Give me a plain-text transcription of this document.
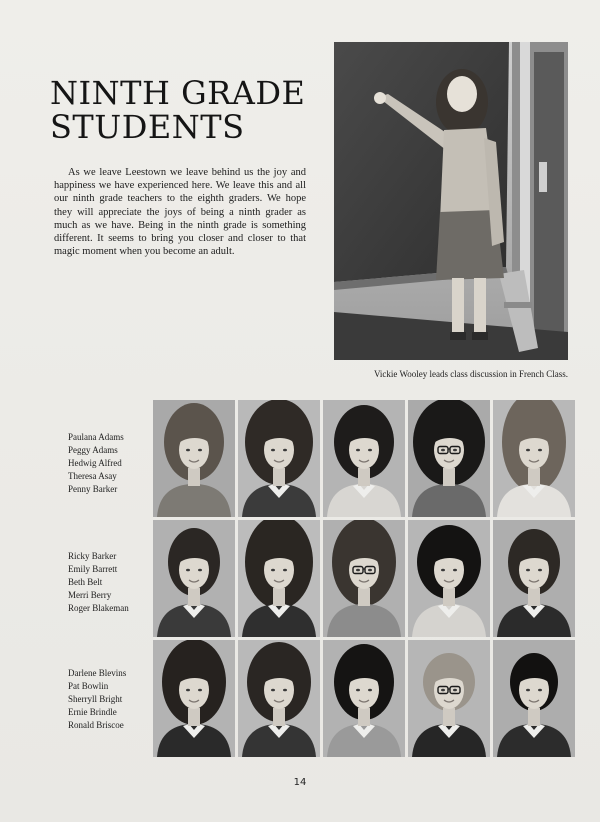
NINTH GRADE
STUDENTS

As we leave Leestown we leave behind us the joy and happiness we have experienced here. We leave this and all our ninth grade teachers to the eighth graders. We hope they will appreciate the joys of being a ninth grader as much as we have. Being in the ninth grade is something different. It seems to bring you closer and closer to that magic moment when you become an adult.

Vickie Wooley leads class discussion in French Class.

Paulana Adams
Peggy Adams
Hedwig Alfred
Theresa Asay
Penny Barker
Ricky Barker
Emily Barrett
Beth Belt
Merri Berry
Roger Blakeman
Darlene Blevins
Pat Bowlin
Sherryll Bright
Ernie Brindle
Ronald Briscoe
14
